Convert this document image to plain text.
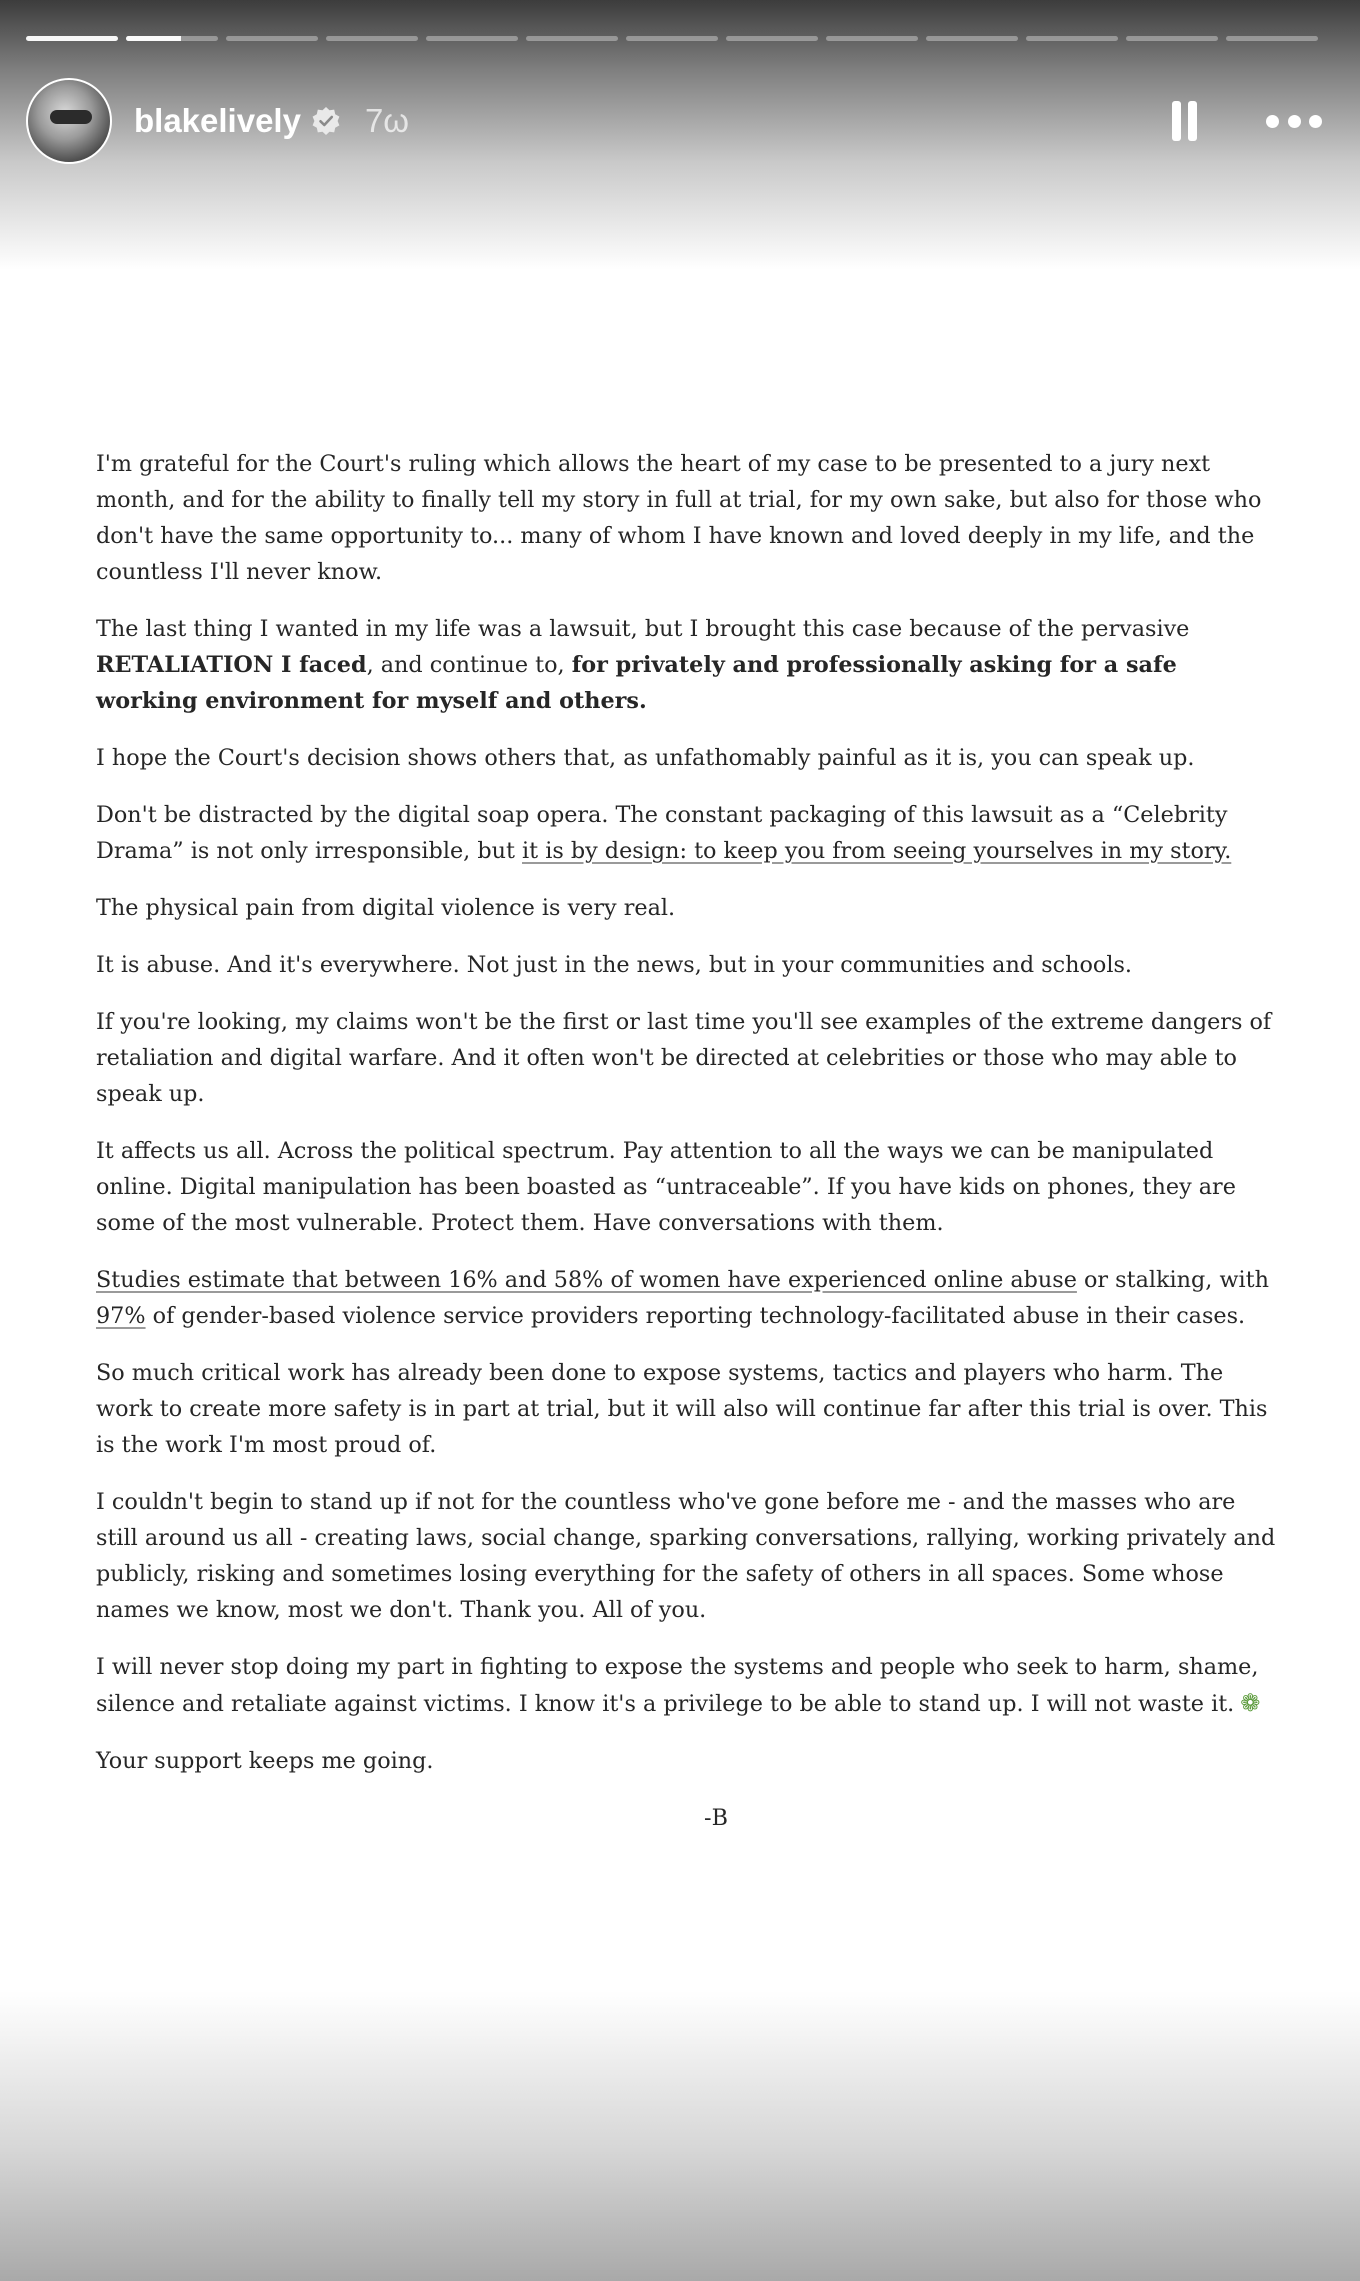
blakelively 7ω

I'm grateful for the Court's ruling which allows the heart of my case to be presented to a jury next month, and for the ability to finally tell my story in full at trial, for my own sake, but also for those who don't have the same opportunity to... many of whom I have known and loved deeply in my life, and the countless I'll never know.

The last thing I wanted in my life was a lawsuit, but I brought this case because of the pervasive RETALIATION I faced, and continue to, for privately and professionally asking for a safe working environment for myself and others.

I hope the Court's decision shows others that, as unfathomably painful as it is, you can speak up.

Don't be distracted by the digital soap opera. The constant packaging of this lawsuit as a “Celebrity Drama” is not only irresponsible, but it is by design: to keep you from seeing yourselves in my story.

The physical pain from digital violence is very real.

It is abuse. And it's everywhere. Not just in the news, but in your communities and schools.

If you're looking, my claims won't be the first or last time you'll see examples of the extreme dangers of retaliation and digital warfare. And it often won't be directed at celebrities or those who may able to speak up.

It affects us all. Across the political spectrum. Pay attention to all the ways we can be manipulated online. Digital manipulation has been boasted as “untraceable”. If you have kids on phones, they are some of the most vulnerable. Protect them. Have conversations with them.

Studies estimate that between 16% and 58% of women have experienced online abuse or stalking, with 97% of gender-based violence service providers reporting technology-facilitated abuse in their cases.

So much critical work has already been done to expose systems, tactics and players who harm. The work to create more safety is in part at trial, but it will also will continue far after this trial is over. This is the work I'm most proud of.

I couldn't begin to stand up if not for the countless who've gone before me - and the masses who are still around us all - creating laws, social change, sparking conversations, rallying, working privately and publicly, risking and sometimes losing everything for the safety of others in all spaces. Some whose names we know, most we don't. Thank you. All of you.

I will never stop doing my part in fighting to expose the systems and people who seek to harm, shame, silence and retaliate against victims. I know it's a privilege to be able to stand up. I will not waste it. ❁

Your support keeps me going.

-B
